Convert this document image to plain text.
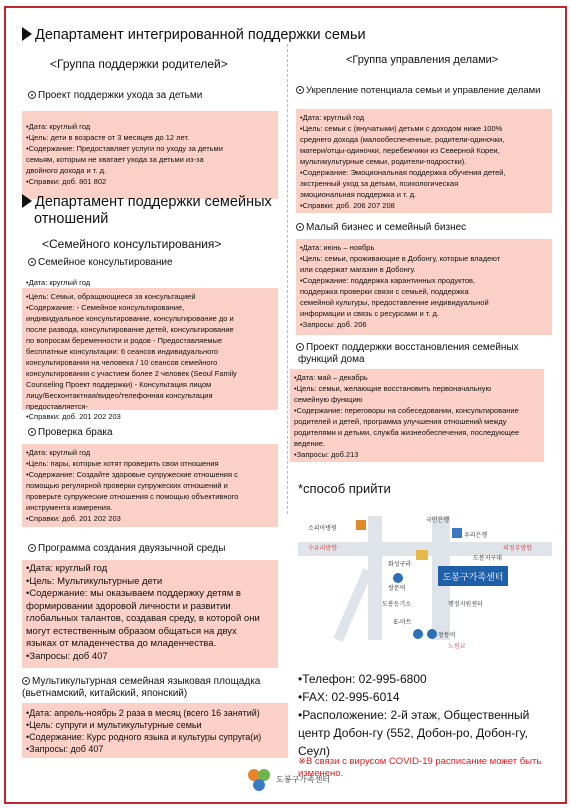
Департамент интегрированной поддержки семьи
<Группа поддержки родителей>
Проект поддержки ухода за детьми

•Дата: круглый год

•Цель: дети в возрасте от 3 месяцев до 12 лет.

•Содержание: Предоставляет услуги по уходу за детьми

семьям, которым не хватает ухода за детьми из-за

двойного дохода и т. д.

•Справки: доб. 801 802

Департамент поддержки семейных
отношений
<Семейного консультирования>
Семейное консультирование
•Дата: круглый год

•Цель: Семьи, обращающиеся за консультацией

•Содержание: - Семейное консультирование,

индивидуальное консультирование, консультирование до и

после развода, консультирование детей, консультирование

по вопросам беременности и родов - Предоставляемые

бесплатные консультации: 6 сеансов индивидуального

консультирования на человека / 10 сеансов семейного

консультирования с участием более 2 человек (Seoul Family

Counseling Проект поддержки) - Консультация лицом

лицу/Бесконтактная/видео/телефонная консультация

предоставляется-

•Справки: доб. 201 202 203
Проверка брака

•Дата: круглый год

•Цель: пары, которые хотят проверить свои отношения

•Содержание: Создайте здоровые супружеские отношения с

помощью регулярной проверки супружеских отношений и

проверьте супружеские отношения с помощью объективного

инструмента измерения.

•Справки: доб. 201 202 203

Программа создания двуязычной среды

•Дата: круглый год

•Цель: Мультикультурные дети

•Содержание: мы оказываем поддержку детям в

формировании здоровой личности и развитии

глобальных талантов, создавая среду, в которой они

могут естественным образом общаться на двух

языках от младенчества до младенчества.

•Запросы: доб 407

Мультикультурная семейная языковая площадка
(вьетнамский, китайский, японский)

•Дата: апрель-ноябрь 2 раза в месяц (всего 16 занятий)

•Цель: супруги и мультикультурные семьи

•Содержание: Курс родного языка и культуры супруга(и)

•Запросы: доб 407

<Группа управления делами>
Укрепление потенциала семьи и управление делами

•Дата: круглый год

•Цель: семьи с (внучатыми) детьми с доходом ниже 100%

среднего дохода (малообеспеченные, родители-одиночки,

матери/отцы-одиночки, перебежчики из Северной Кореи,

мультикультурные семьи, родители-подростки).

•Содержание: Эмоциональная поддержка обучения детей,

экстренный уход за детьми, психологическая

эмоциональная поддержка и т. д.

•Справки: доб. 206 207 208

Малый бизнес и семейный бизнес

•Дата: июнь – ноябрь

•Цель: семьи, проживающие в Добонгу, которые владеют

или содержат магазин в Добонгу.

•Содержание: поддержка карантинных продуктов,

поддержка проверки связи с семьей, поддержка

семейной культуры, предоставление индивидуальной

информации и связь с ресурсами и т. д.

•Запросы: доб. 206

Проект поддержки восстановления семейных
функций дома

•Дата: май – декабрь

•Цель: семьи, желающие восстановить первоначальную

семейную функцию

•Содержание: переговоры на собеседовании, консультирование

родителей и детей, программа улучшения отношений между

родителями и детьми, служба жизнеобеспечения, последующее

ведение.

•Запросы: доб.213

*способ прийти
도봉구가족센터
소피아병원
수유리방향	의정부방향
국민은행
우리은행
도봉지구대
화성구라
쌍문역
도봉등기소	행정지원센터
E-마트
창동역
노원교
•Телефон: 02-995-6800
•FAX: 02-995-6014
•Расположение: 2-й этаж, Общественный
центр Добон-гу (552, Добон-ро, Добон-гу,
Сеул)
※В связи с вирусом COVID-19 расписание может быть
изменено.
도봉구가족센터
